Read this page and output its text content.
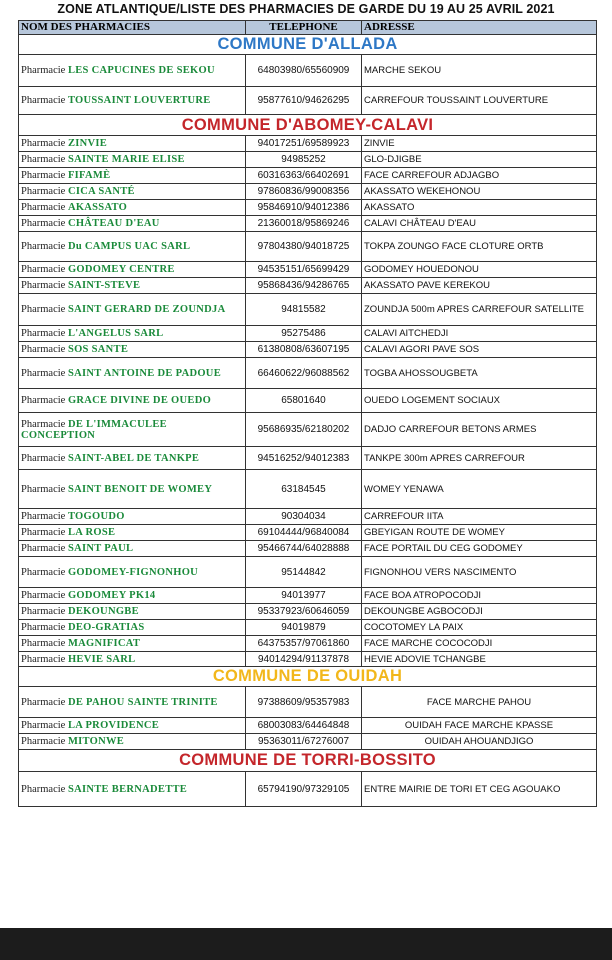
ZONE ATLANTIQUE/LISTE DES PHARMACIES DE GARDE DU 19 AU 25 AVRIL 2021
NOM DES PHARMACIES	TELEPHONE	ADRESSE
COMMUNE D'ALLADA		
Pharmacie LES CAPUCINES DE SEKOU	64803980/65560909	MARCHE SEKOU
Pharmacie TOUSSAINT LOUVERTURE	95877610/94626295	CARREFOUR TOUSSAINT LOUVERTURE
COMMUNE D'ABOMEY-CALAVI		
Pharmacie ZINVIE	94017251/69589923	ZINVIE
Pharmacie SAINTE MARIE ELISE	94985252	GLO-DJIGBE
Pharmacie FIFAMÈ	60316363/66402691	FACE CARREFOUR ADJAGBO
Pharmacie CICA SANTÉ	97860836/99008356	AKASSATO WEKEHONOU
Pharmacie AKASSATO	95846910/94012386	AKASSATO
Pharmacie CHÂTEAU D'EAU	21360018/95869246	CALAVI CHÂTEAU D'EAU
Pharmacie Du CAMPUS UAC SARL	97804380/94018725	TOKPA ZOUNGO FACE CLOTURE ORTB
Pharmacie GODOMEY CENTRE	94535151/65699429	GODOMEY HOUEDONOU
Pharmacie SAINT-STEVE	95868436/94286765	AKASSATO PAVE KEREKOU
Pharmacie SAINT GERARD DE ZOUNDJA	94815582	ZOUNDJA 500m APRES CARREFOUR SATELLITE
Pharmacie L'ANGELUS SARL	95275486	CALAVI AITCHEDJI
Pharmacie SOS SANTE	61380808/63607195	CALAVI AGORI PAVE SOS
Pharmacie SAINT ANTOINE DE PADOUE	66460622/96088562	TOGBA AHOSSOUGBETA
Pharmacie GRACE DIVINE DE OUEDO	65801640	OUEDO LOGEMENT SOCIAUX
Pharmacie DE L'IMMACULEE CONCEPTION	95686935/62180202	DADJO CARREFOUR BETONS ARMES
Pharmacie SAINT-ABEL DE TANKPE	94516252/94012383	TANKPE 300m APRES CARREFOUR
Pharmacie SAINT BENOIT DE WOMEY	63184545	WOMEY YENAWA
Pharmacie TOGOUDO	90304034	CARREFOUR IITA
Pharmacie LA ROSE	69104444/96840084	GBEYIGAN ROUTE DE WOMEY
Pharmacie SAINT PAUL	95466744/64028888	FACE PORTAIL DU CEG GODOMEY
Pharmacie GODOMEY-FIGNONHOU	95144842	FIGNONHOU VERS NASCIMENTO
Pharmacie GODOMEY PK14	94013977	FACE BOA ATROPOCODJI
Pharmacie DEKOUNGBE	95337923/60646059	DEKOUNGBE AGBOCODJI
Pharmacie DEO-GRATIAS	94019879	COCOTOMEY LA PAIX
Pharmacie MAGNIFICAT	64375357/97061860	FACE MARCHE COCOCODJI
Pharmacie HEVIE SARL	94014294/91137878	HEVIE ADOVIE TCHANGBE
COMMUNE DE OUIDAH		
Pharmacie DE PAHOU SAINTE TRINITE	97388609/95357983	FACE MARCHE PAHOU
Pharmacie LA PROVIDENCE	68003083/64464848	OUIDAH FACE MARCHE KPASSE
Pharmacie MITONWE	95363011/67276007	OUIDAH AHOUANDJIGO
COMMUNE DE TORRI-BOSSITO		
Pharmacie SAINTE BERNADETTE	65794190/97329105	ENTRE MAIRIE DE TORI ET CEG AGOUAKO
